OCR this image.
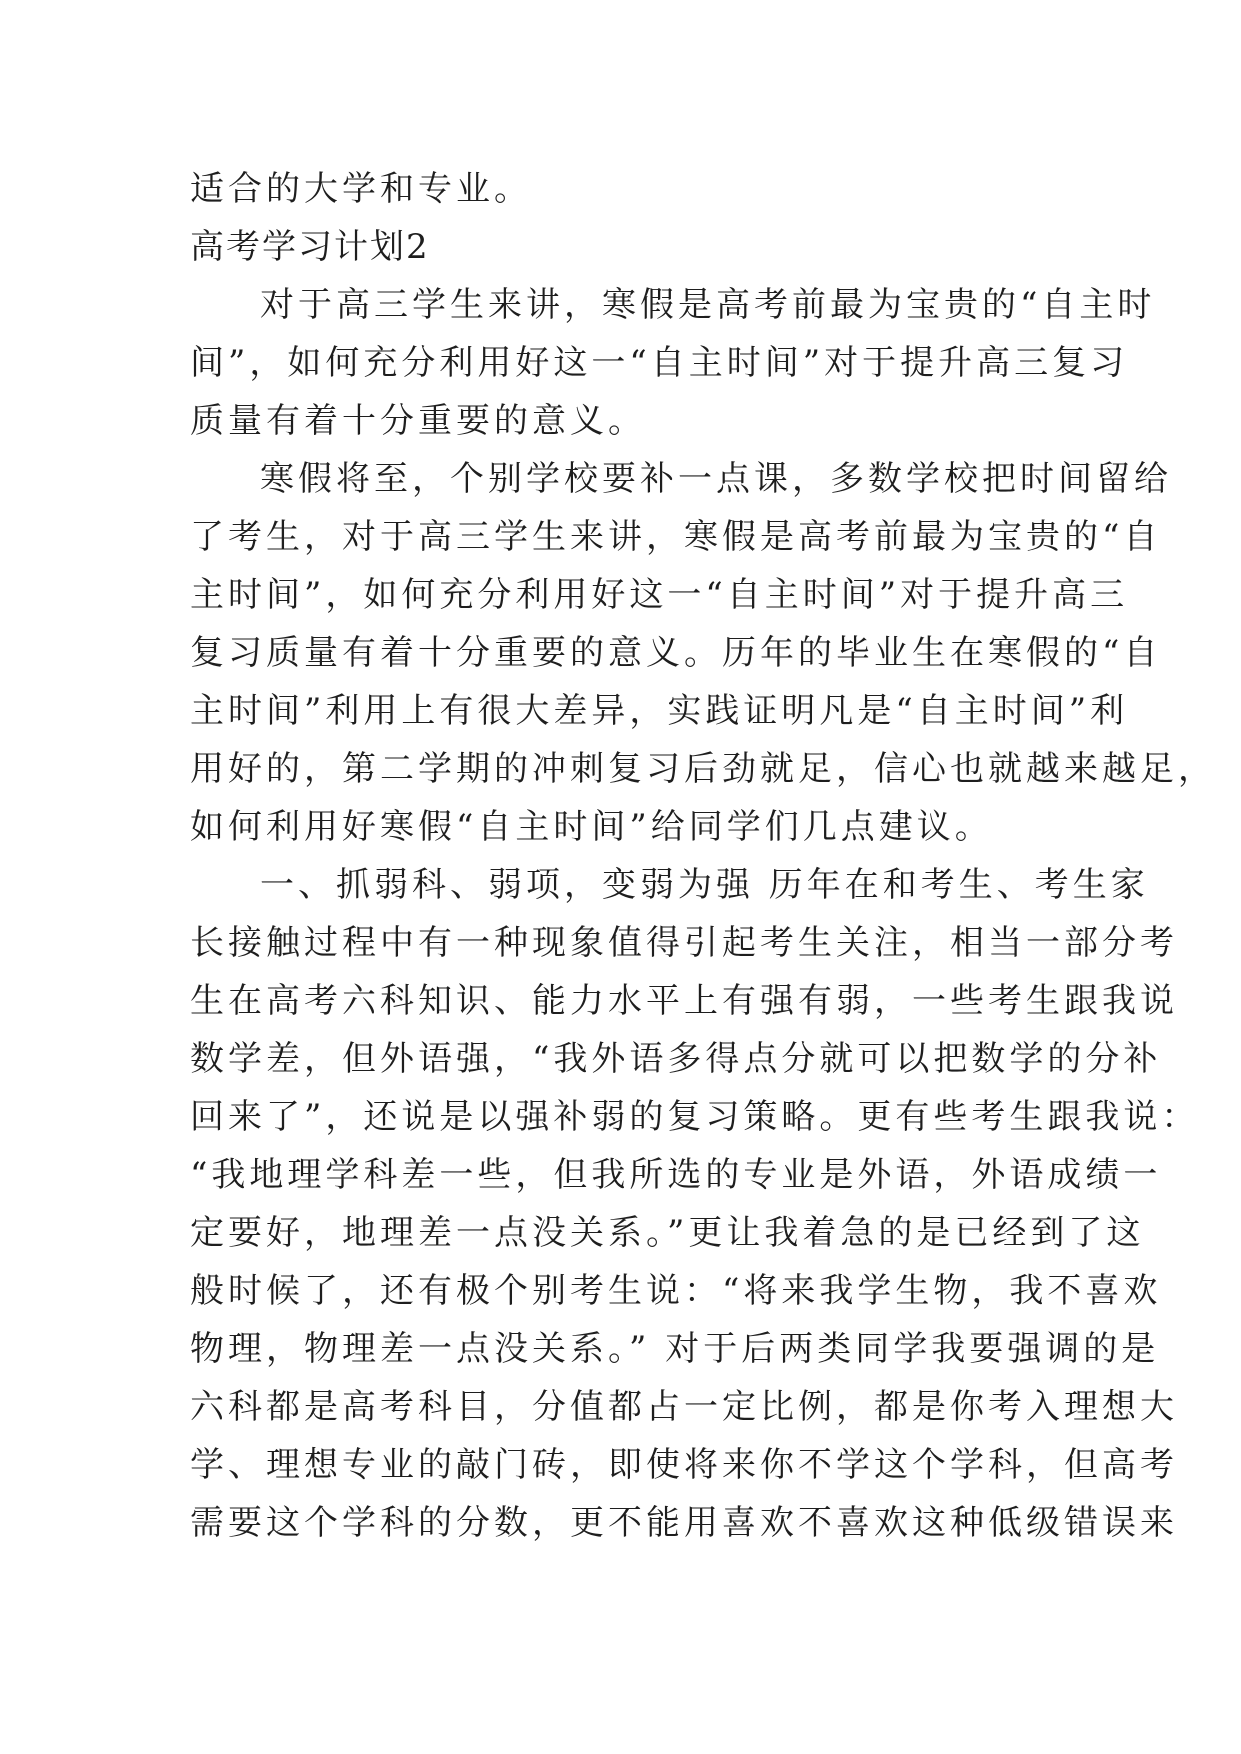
适合的大学和专业。
高考学习计划2
对于高三学生来讲，寒假是高考前最为宝贵的“自主时
间”，如何充分利用好这一“自主时间”对于提升高三复习
质量有着十分重要的意义。
寒假将至，个别学校要补一点课，多数学校把时间留给
了考生，对于高三学生来讲，寒假是高考前最为宝贵的“自
主时间”，如何充分利用好这一“自主时间”对于提升高三
复习质量有着十分重要的意义。历年的毕业生在寒假的“自
主时间”利用上有很大差异，实践证明凡是“自主时间”利
用好的，第二学期的冲刺复习后劲就足，信心也就越来越足，
如何利用好寒假“自主时间”给同学们几点建议。
一、抓弱科、弱项，变弱为强 历年在和考生、考生家
长接触过程中有一种现象值得引起考生关注，相当一部分考
生在高考六科知识、能力水平上有强有弱，一些考生跟我说
数学差，但外语强，“我外语多得点分就可以把数学的分补
回来了”，还说是以强补弱的复习策略。更有些考生跟我说：
“我地理学科差一些，但我所选的专业是外语，外语成绩一
定要好，地理差一点没关系。”更让我着急的是已经到了这
般时候了，还有极个别考生说：“将来我学生物，我不喜欢
物理，物理差一点没关系。” 对于后两类同学我要强调的是
六科都是高考科目，分值都占一定比例，都是你考入理想大
学、理想专业的敲门砖，即使将来你不学这个学科，但高考
需要这个学科的分数，更不能用喜欢不喜欢这种低级错误来
